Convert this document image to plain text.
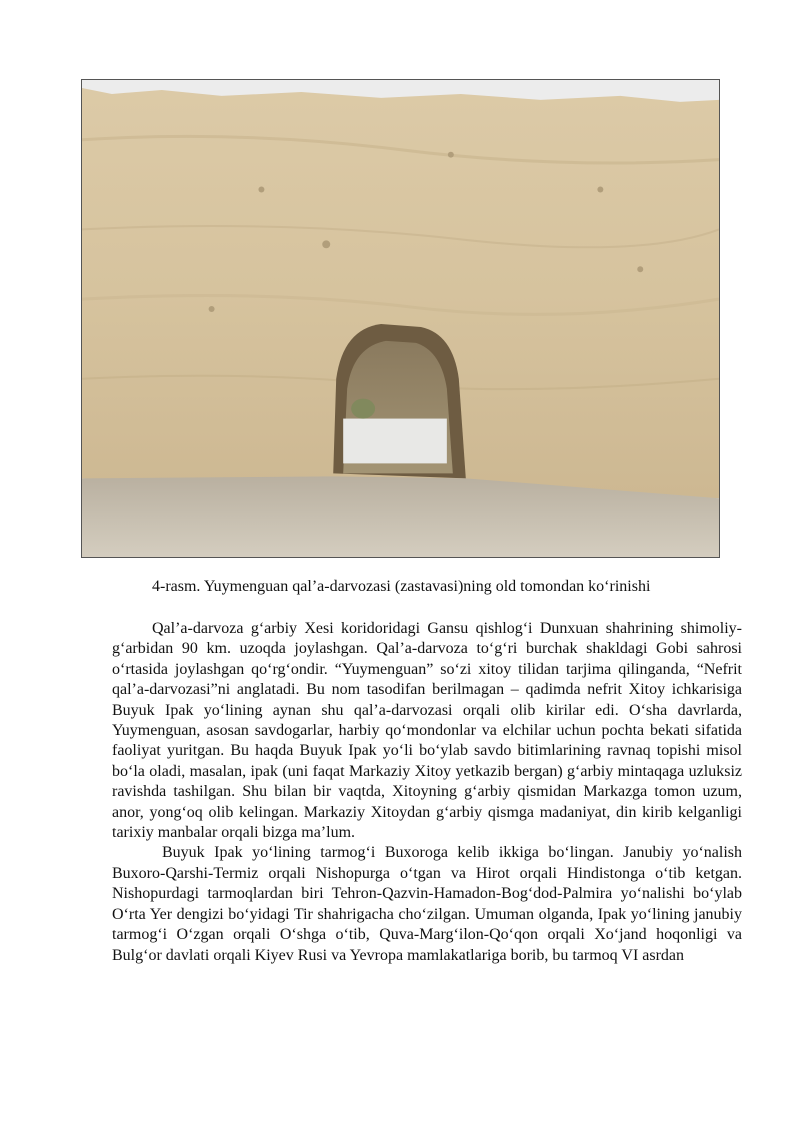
4-rasm. Yuymenguan qal’a-darvozasi (zastavasi)ning old tomondan ko‘rinishi

Qal’a-darvoza g‘arbiy Xesi koridoridagi Gansu qishlog‘i Dunxuan shahrining shimoliy-g‘arbidan 90 km. uzoqda joylashgan. Qal’a-darvoza to‘g‘ri burchak shakldagi Gobi sahrosi o‘rtasida joylashgan qo‘rg‘ondir. “Yuymenguan” so‘zi xitoy tilidan tarjima qilinganda, “Nefrit qal’a-darvozasi”ni anglatadi. Bu nom tasodifan berilmagan – qadimda nefrit Xitoy ichkarisiga Buyuk Ipak yo‘lining aynan shu qal’a-darvozasi orqali olib kirilar edi. O‘sha davrlarda, Yuymenguan, asosan savdogarlar, harbiy qo‘mondonlar va elchilar uchun pochta bekati sifatida faoliyat yuritgan. Bu haqda Buyuk Ipak yo‘li bo‘ylab savdo bitimlarining ravnaq topishi misol bo‘la oladi, masalan, ipak (uni faqat Markaziy Xitoy yetkazib bergan) g‘arbiy mintaqaga uzluksiz ravishda tashilgan. Shu bilan bir vaqtda, Xitoyning g‘arbiy qismidan Markazga tomon uzum, anor, yong‘oq olib kelingan. Markaziy Xitoydan g‘arbiy qismga madaniyat, din kirib kelganligi tarixiy manbalar orqali bizga ma’lum.

Buyuk Ipak yo‘lining tarmog‘i Buxoroga kelib ikkiga bo‘lingan. Janubiy yo‘nalish Buxoro-Qarshi-Termiz orqali Nishopurga o‘tgan va Hirot orqali Hindistonga o‘tib ketgan. Nishopurdagi tarmoqlardan biri Tehron-Qazvin-Hamadon-Bog‘dod-Palmira yo‘nalishi bo‘ylab O‘rta Yer dengizi bo‘yidagi Tir shahrigacha cho‘zilgan. Umuman olganda, Ipak yo‘lining janubiy tarmog‘i O‘zgan orqali O‘shga o‘tib, Quva-Marg‘ilon-Qo‘qon orqali Xo‘jand hoqonligi va Bulg‘or davlati orqali Kiyev Rusi va Yevropa mamlakatlariga borib, bu tarmoq VI asrdan
